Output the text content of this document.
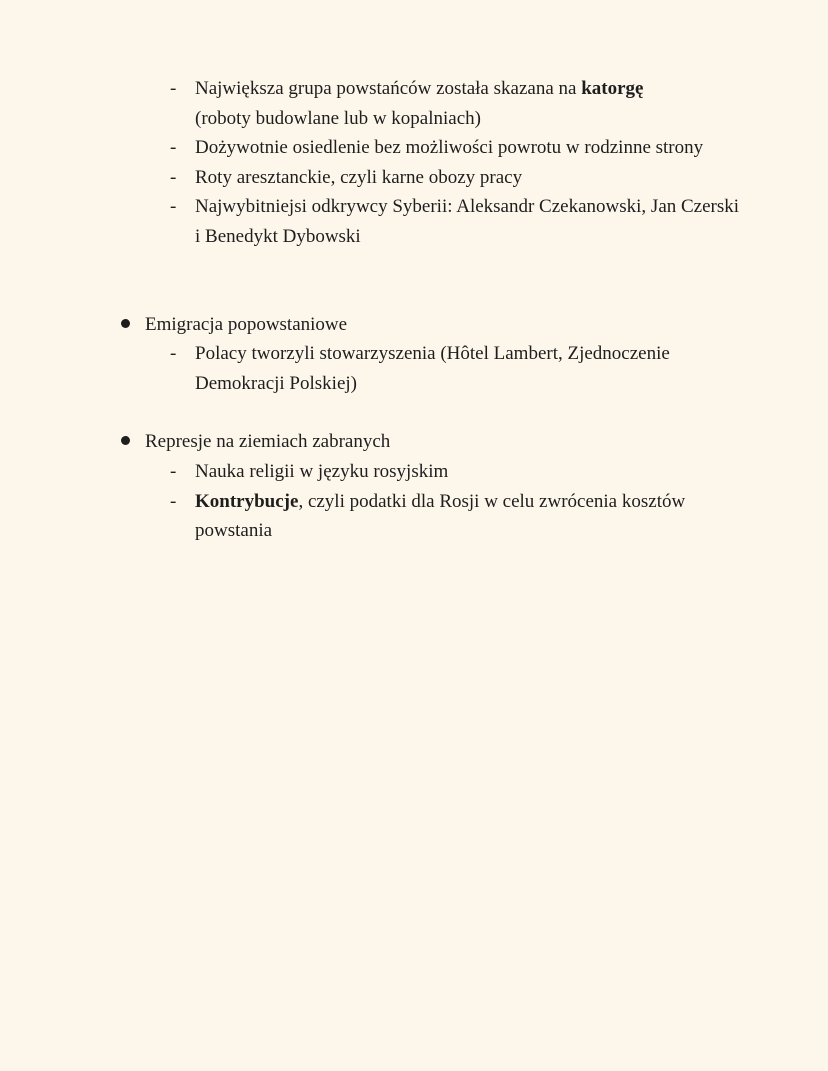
- Największa grupa powstańców została skazana na katorgę
(roboty budowlane lub w kopalniach)
- Dożywotnie osiedlenie bez możliwości powrotu w rodzinne strony
- Roty aresztanckie, czyli karne obozy pracy
- Najwybitniejsi odkrywcy Syberii: Aleksandr Czekanowski, Jan Czerski i Benedykt Dybowski
Emigracja popowstaniowe
- Polacy tworzyli stowarzyszenia (Hôtel Lambert, Zjednoczenie Demokracji Polskiej)
Represje na ziemiach zabranych
- Nauka religii w języku rosyjskim
- Kontrybucje, czyli podatki dla Rosji w celu zwrócenia kosztów powstania
